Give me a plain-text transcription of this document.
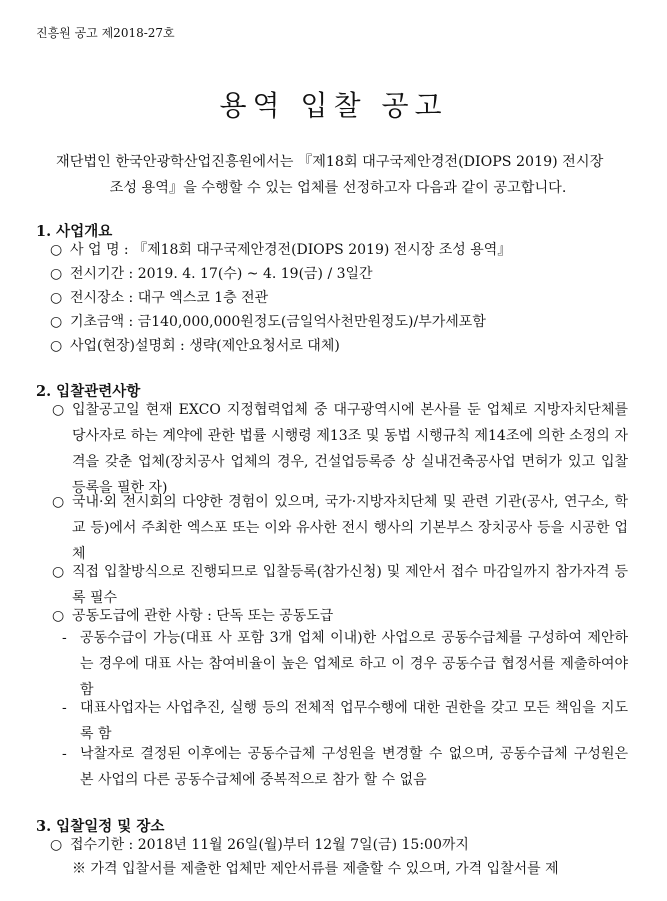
진흥원 공고 제2018-27호
용역 입찰 공고
재단법인 한국안광학산업진흥원에서는 『제18회 대구국제안경전(DIOPS 2019) 전시장
조성 용역』을 수행할 수 있는 업체를 선정하고자 다음과 같이 공고합니다.
1. 사업개요
○ 사 업 명 : 『제18회 대구국제안경전(DIOPS 2019) 전시장 조성 용역』
○ 전시기간 : 2019. 4. 17(수) ~ 4. 19(금) / 3일간
○ 전시장소 : 대구 엑스코 1층 전관
○ 기초금액 : 금140,000,000원정도(금일억사천만원정도)/부가세포함
○ 사업(현장)설명회 : 생략(제안요청서로 대체)
2. 입찰관련사항
○ 입찰공고일 현재 EXCO 지정협력업체 중 대구광역시에 본사를 둔 업체로 지방자치단체를 당사자로 하는 계약에 관한 법률 시행령 제13조 및 동법 시행규칙 제14조에 의한 소정의 자격을 갖춘 업체(장치공사 업체의 경우, 건설업등록증 상 실내건축공사업 면허가 있고 입찰 등록을 필한 자)
○ 국내·외 전시회의 다양한 경험이 있으며, 국가·지방자치단체 및 관련 기관(공사, 연구소, 학교 등)에서 주최한 엑스포 또는 이와 유사한 전시 행사의 기본부스 장치공사 등을 시공한 업체
○ 직접 입찰방식으로 진행되므로 입찰등록(참가신청) 및 제안서 접수 마감일까지 참가자격 등록 필수
○ 공동도급에 관한 사항 : 단독 또는 공동도급
- 공동수급이 가능(대표 사 포함 3개 업체 이내)한 사업으로 공동수급체를 구성하여 제안하는 경우에 대표 사는 참여비율이 높은 업체로 하고 이 경우 공동수급 협정서를 제출하여야 함
- 대표사업자는 사업추진, 실행 등의 전체적 업무수행에 대한 권한을 갖고 모든 책임을 지도록 함
- 낙찰자로 결정된 이후에는 공동수급체 구성원을 변경할 수 없으며, 공동수급체 구성원은 본 사업의 다른 공동수급체에 중복적으로 참가 할 수 없음
3. 입찰일정 및 장소
○ 접수기한 : 2018년 11월 26일(월)부터 12월 7일(금) 15:00까지
※ 가격 입찰서를 제출한 업체만 제안서류를 제출할 수 있으며, 가격 입찰서를 제
